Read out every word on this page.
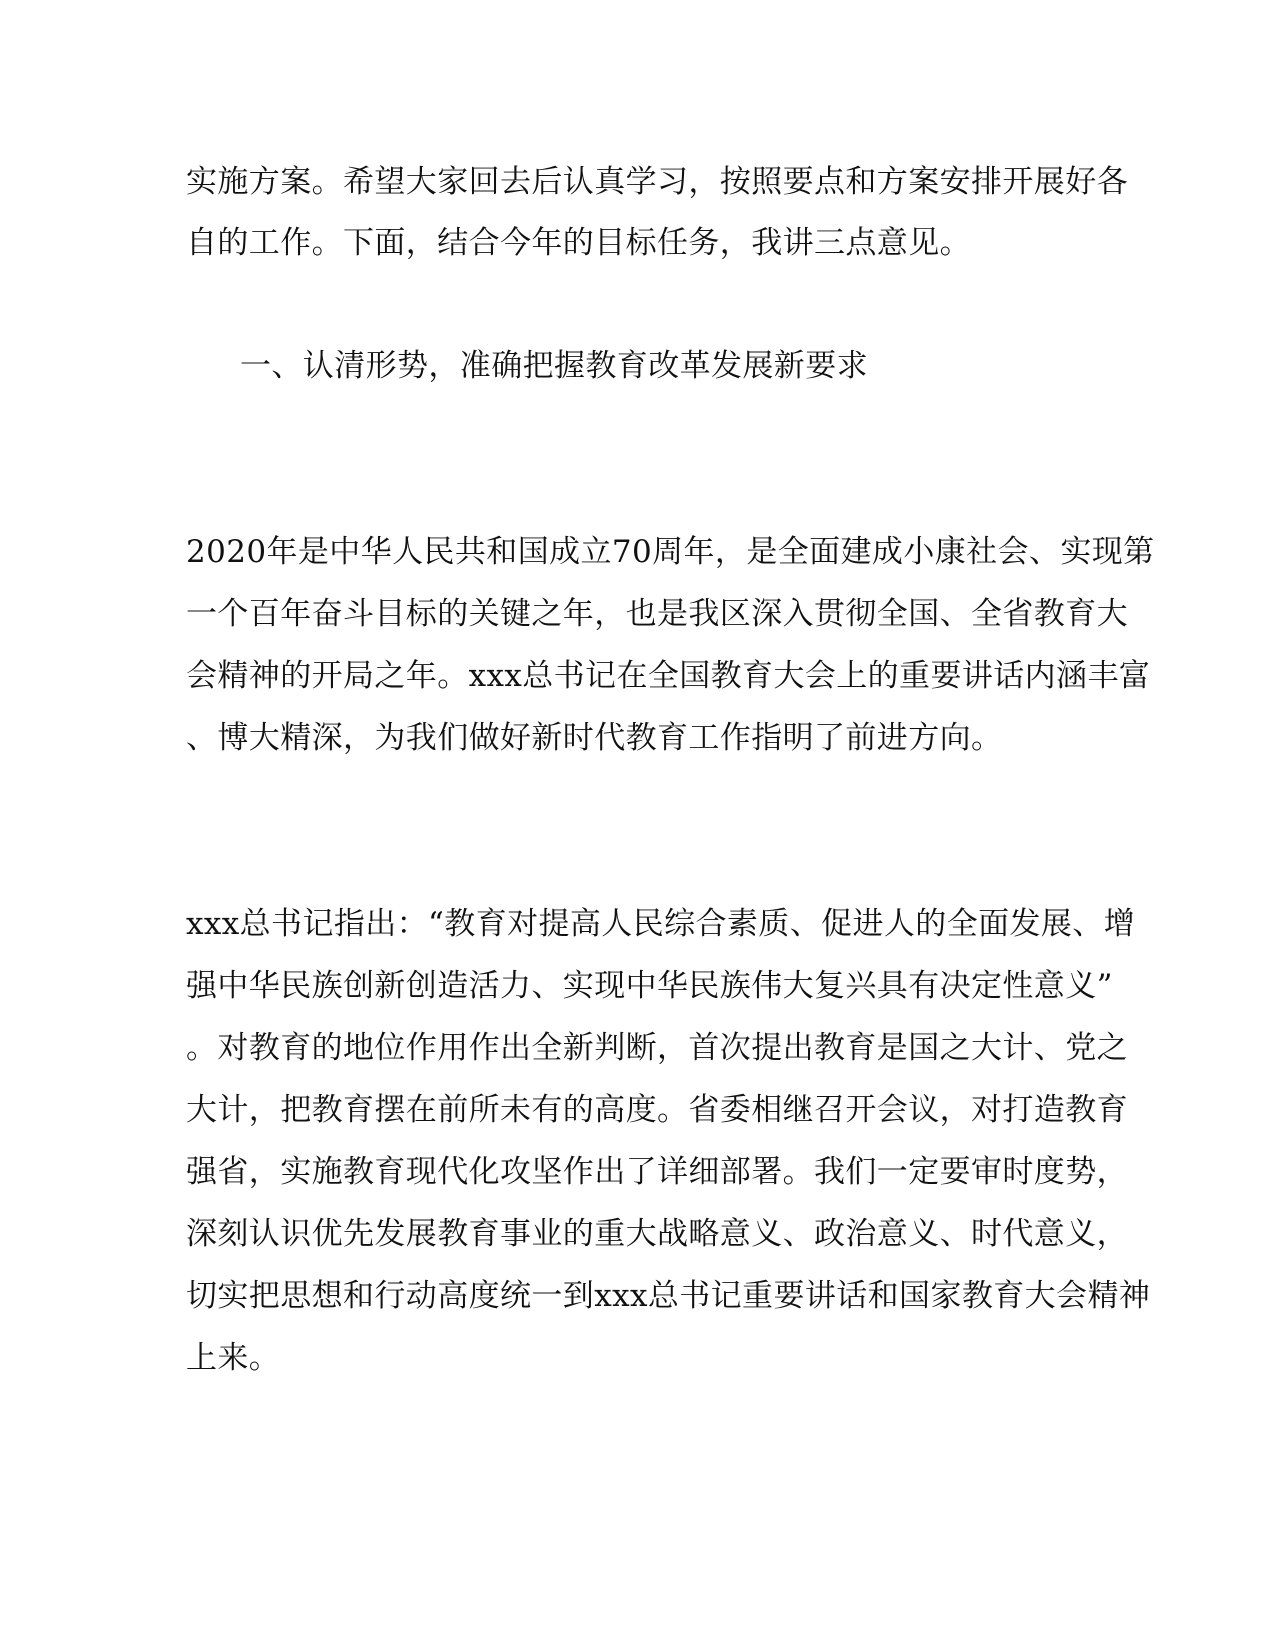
实施方案。希望大家回去后认真学习，按照要点和方案安排开展好各
自的工作。下面，结合今年的目标任务，我讲三点意见。
一、认清形势，准确把握教育改革发展新要求
2020年是中华人民共和国成立70周年，是全面建成小康社会、实现第
一个百年奋斗目标的关键之年，也是我区深入贯彻全国、全省教育大
会精神的开局之年。xxx总书记在全国教育大会上的重要讲话内涵丰富
、博大精深，为我们做好新时代教育工作指明了前进方向。
xxx总书记指出：“教育对提高人民综合素质、促进人的全面发展、增
强中华民族创新创造活力、实现中华民族伟大复兴具有决定性意义”
。对教育的地位作用作出全新判断，首次提出教育是国之大计、党之
大计，把教育摆在前所未有的高度。省委相继召开会议，对打造教育
强省，实施教育现代化攻坚作出了详细部署。我们一定要审时度势，
深刻认识优先发展教育事业的重大战略意义、政治意义、时代意义，
切实把思想和行动高度统一到xxx总书记重要讲话和国家教育大会精神
上来。
